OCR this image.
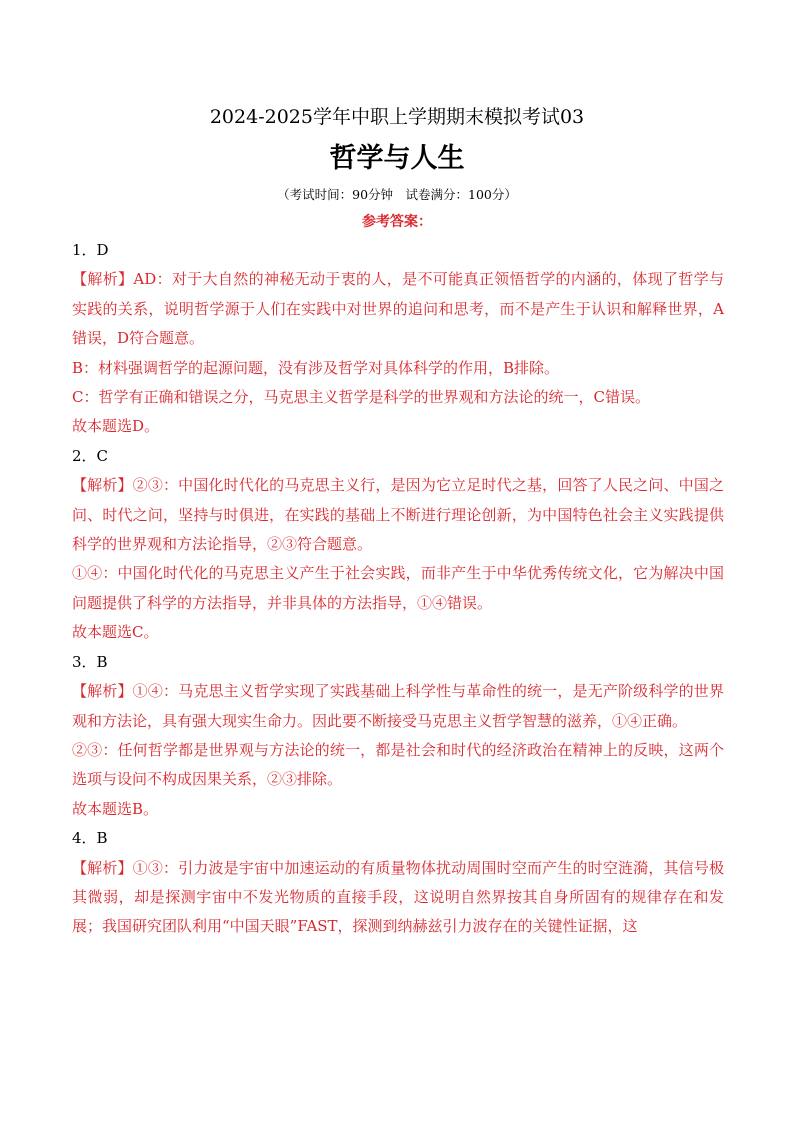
2024-2025学年中职上学期期末模拟考试03
哲学与人生
（考试时间：90分钟　试卷满分：100分）
参考答案：

1．D

【解析】AD：对于大自然的神秘无动于衷的人，是不可能真正领悟哲学的内涵的，体现了哲学与实践的关系，说明哲学源于人们在实践中对世界的追问和思考，而不是产生于认识和解释世界，A错误，D符合题意。

B：材料强调哲学的起源问题，没有涉及哲学对具体科学的作用，B排除。

C：哲学有正确和错误之分，马克思主义哲学是科学的世界观和方法论的统一，C错误。

故本题选D。

2．C

【解析】②③：中国化时代化的马克思主义行，是因为它立足时代之基，回答了人民之问、中国之问、时代之问，坚持与时俱进，在实践的基础上不断进行理论创新，为中国特色社会主义实践提供科学的世界观和方法论指导，②③符合题意。

①④：中国化时代化的马克思主义产生于社会实践，而非产生于中华优秀传统文化，它为解决中国问题提供了科学的方法指导，并非具体的方法指导，①④错误。

故本题选C。

3．B

【解析】①④：马克思主义哲学实现了实践基础上科学性与革命性的统一，是无产阶级科学的世界观和方法论，具有强大现实生命力。因此要不断接受马克思主义哲学智慧的滋养，①④正确。

②③：任何哲学都是世界观与方法论的统一，都是社会和时代的经济政治在精神上的反映，这两个选项与设问不构成因果关系，②③排除。

故本题选B。

4．B

【解析】①③：引力波是宇宙中加速运动的有质量物体扰动周围时空而产生的时空涟漪，其信号极其微弱，却是探测宇宙中不发光物质的直接手段，这说明自然界按其自身所固有的规律存在和发展；我国研究团队利用“中国天眼”FAST，探测到纳赫兹引力波存在的关键性证据，这
